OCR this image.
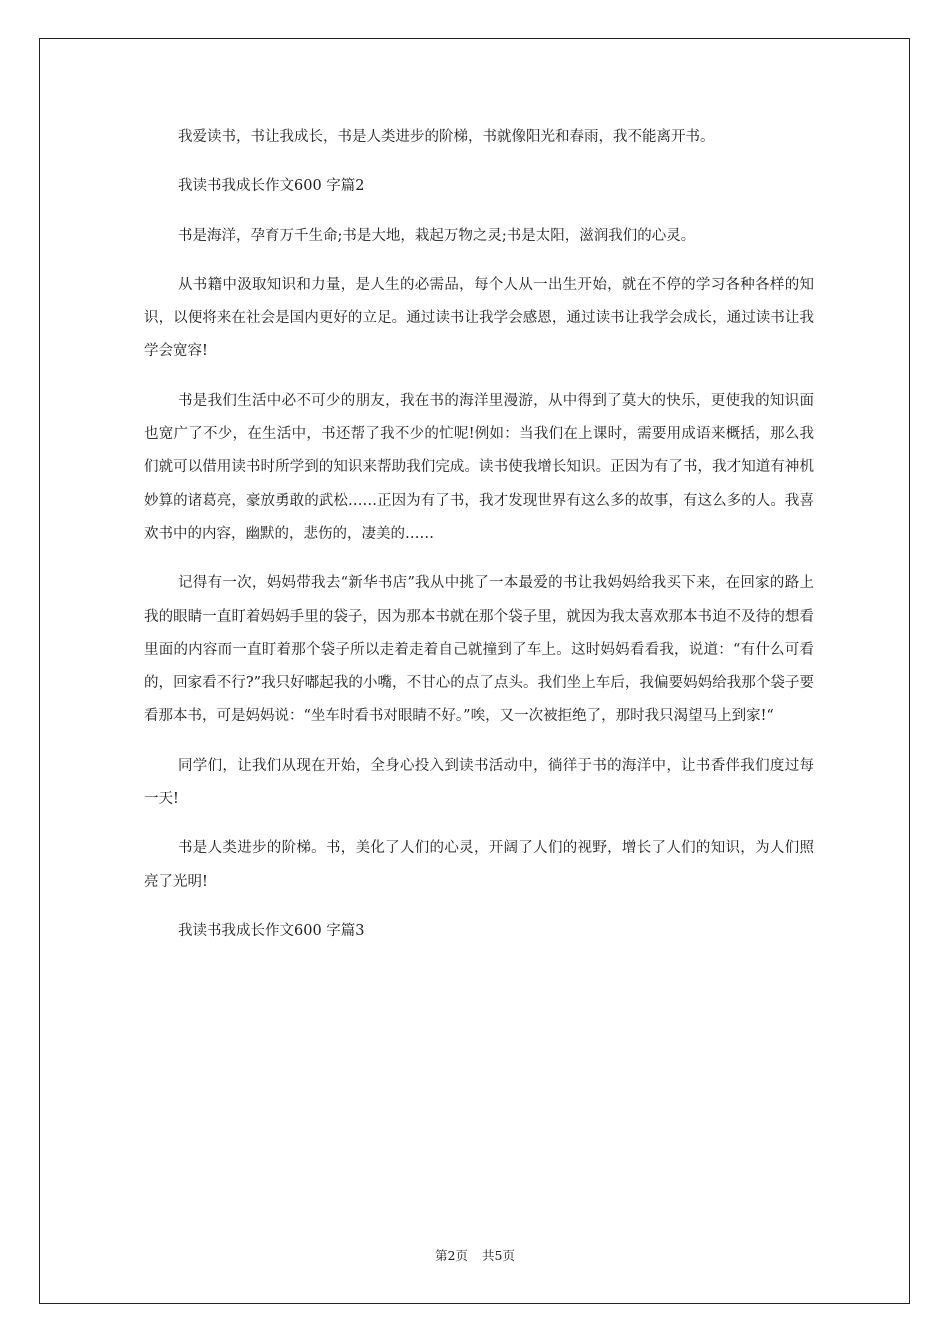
我爱读书，书让我成长，书是人类进步的阶梯，书就像阳光和春雨，我不能离开书。

我读书我成长作文600 字篇2

书是海洋，孕育万千生命;书是大地，栽起万物之灵;书是太阳，滋润我们的心灵。

从书籍中汲取知识和力量，是人生的必需品，每个人从一出生开始，就在不停的学习各种各样的知识，以便将来在社会是国内更好的立足。通过读书让我学会感恩，通过读书让我学会成长，通过读书让我学会宽容!

书是我们生活中必不可少的朋友，我在书的海洋里漫游，从中得到了莫大的快乐，更使我的知识面也宽广了不少，在生活中，书还帮了我不少的忙呢!例如：当我们在上课时，需要用成语来概括，那么我们就可以借用读书时所学到的知识来帮助我们完成。读书使我增长知识。正因为有了书，我才知道有神机妙算的诸葛亮，豪放勇敢的武松……正因为有了书，我才发现世界有这么多的故事，有这么多的人。我喜欢书中的内容，幽默的，悲伤的，凄美的……

记得有一次，妈妈带我去“新华书店”我从中挑了一本最爱的书让我妈妈给我买下来，在回家的路上我的眼睛一直盯着妈妈手里的袋子，因为那本书就在那个袋子里，就因为我太喜欢那本书迫不及待的想看里面的内容而一直盯着那个袋子所以走着走着自己就撞到了车上。这时妈妈看看我，说道：“有什么可看的，回家看不行?”我只好嘟起我的小嘴，不甘心的点了点头。我们坐上车后，我偏要妈妈给我那个袋子要看那本书，可是妈妈说：“坐车时看书对眼睛不好。”唉，又一次被拒绝了，那时我只渴望马上到家!“

同学们，让我们从现在开始，全身心投入到读书活动中，徜徉于书的海洋中，让书香伴我们度过每一天!

书是人类进步的阶梯。书，美化了人们的心灵，开阔了人们的视野，增长了人们的知识，为人们照亮了光明!

我读书我成长作文600 字篇3

第2页 共5页
